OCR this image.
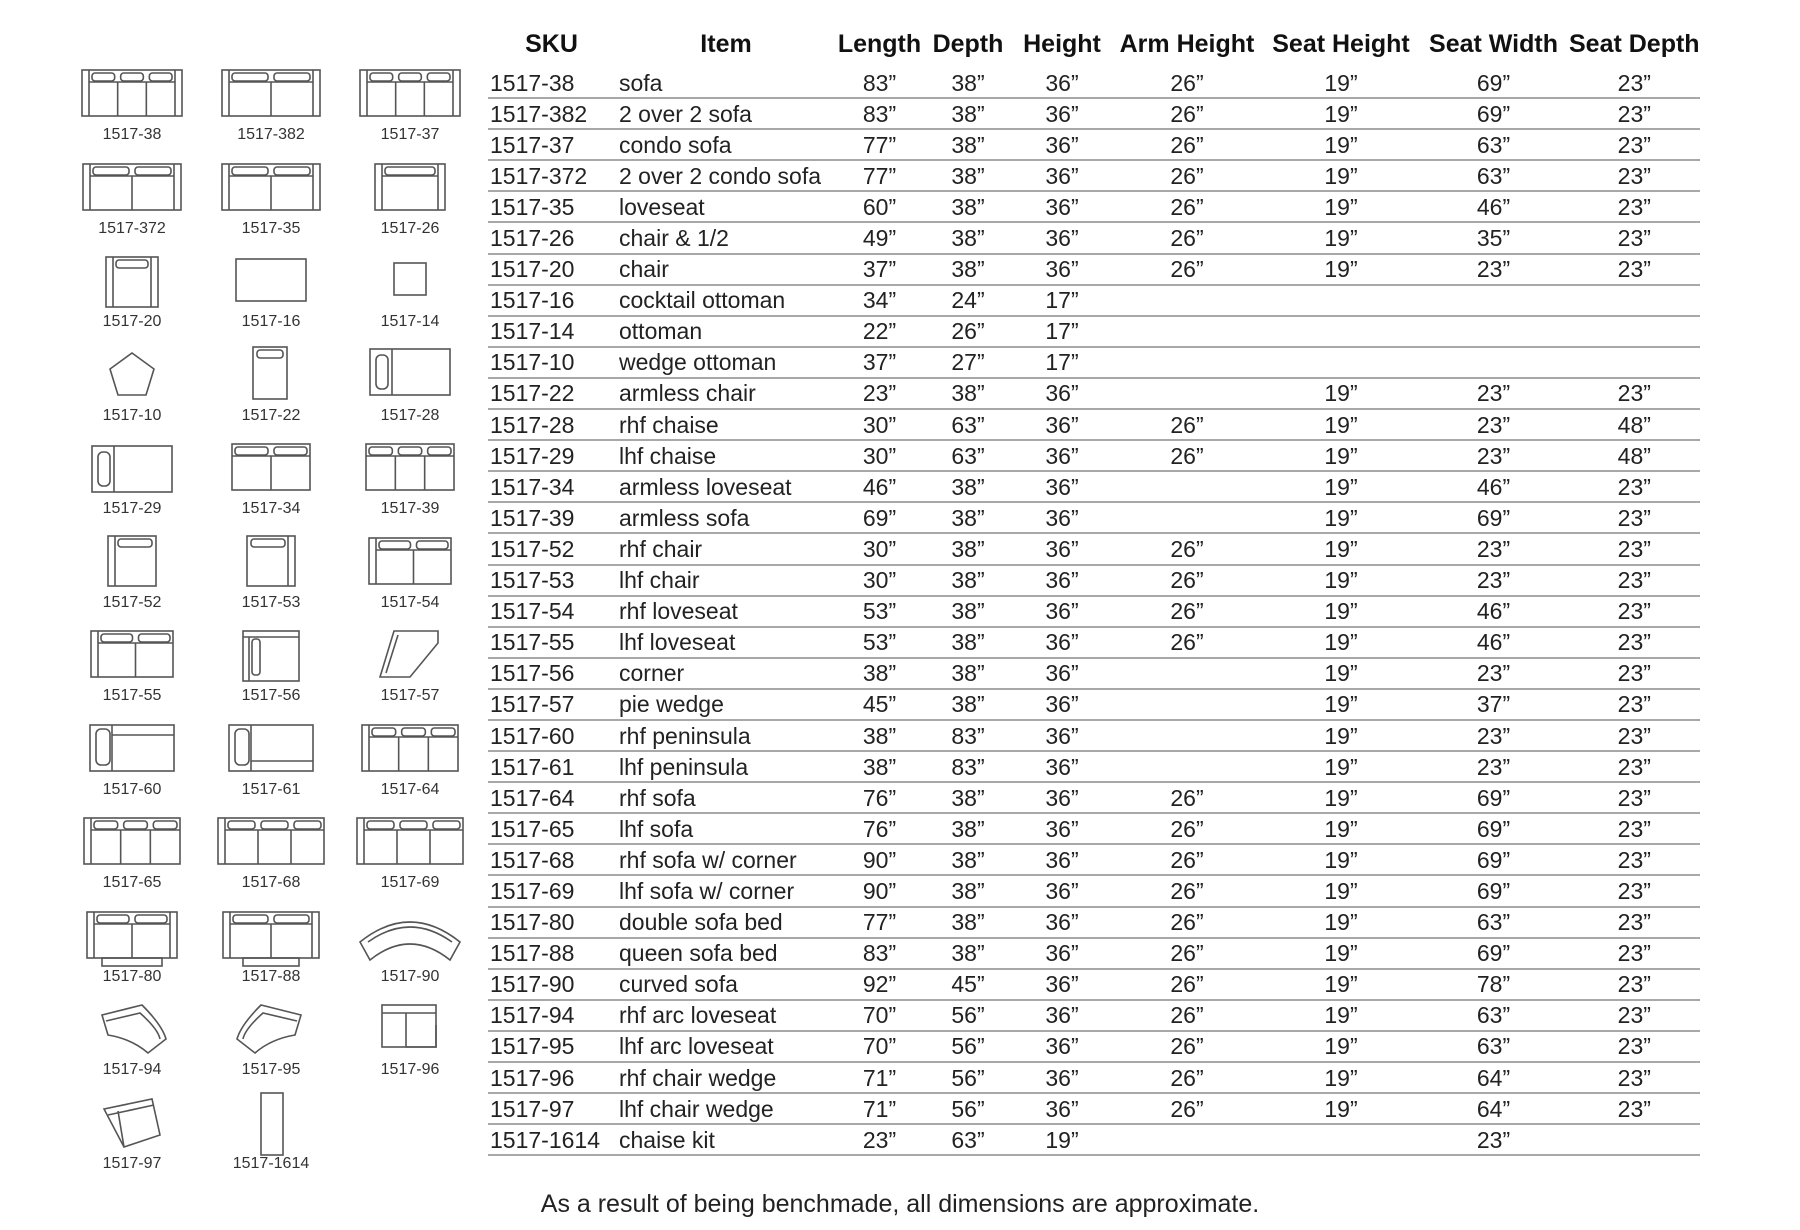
1517-38	1517-382	1517-37
1517-372	1517-35	1517-26
1517-20	1517-16	1517-14
1517-10	1517-22	1517-28
1517-29	1517-34	1517-39
1517-52	1517-53	1517-54
1517-55	1517-56	1517-57
1517-60	1517-61	1517-64
1517-65	1517-68	1517-69
1517-80	1517-88	1517-90
1517-94	1517-95	1517-96
1517-97	1517-1614
SKU	Item	Length	Depth	Height	Arm Height	Seat Height	Seat Width	Seat Depth
1517-38	sofa	83”	38”	36”	26”	19”	69”	23”
1517-382	2 over 2 sofa	83”	38”	36”	26”	19”	69”	23”
1517-37	condo sofa	77”	38”	36”	26”	19”	63”	23”
1517-372	2 over 2 condo sofa	77”	38”	36”	26”	19”	63”	23”
1517-35	loveseat	60”	38”	36”	26”	19”	46”	23”
1517-26	chair & 1/2	49”	38”	36”	26”	19”	35”	23”
1517-20	chair	37”	38”	36”	26”	19”	23”	23”
1517-16	cocktail ottoman	34”	24”	17”				
1517-14	ottoman	22”	26”	17”				
1517-10	wedge ottoman	37”	27”	17”				
1517-22	armless chair	23”	38”	36”		19”	23”	23”
1517-28	rhf chaise	30”	63”	36”	26”	19”	23”	48”
1517-29	lhf chaise	30”	63”	36”	26”	19”	23”	48”
1517-34	armless loveseat	46”	38”	36”		19”	46”	23”
1517-39	armless sofa	69”	38”	36”		19”	69”	23”
1517-52	rhf chair	30”	38”	36”	26”	19”	23”	23”
1517-53	lhf chair	30”	38”	36”	26”	19”	23”	23”
1517-54	rhf loveseat	53”	38”	36”	26”	19”	46”	23”
1517-55	lhf loveseat	53”	38”	36”	26”	19”	46”	23”
1517-56	corner	38”	38”	36”		19”	23”	23”
1517-57	pie wedge	45”	38”	36”		19”	37”	23”
1517-60	rhf peninsula	38”	83”	36”		19”	23”	23”
1517-61	lhf peninsula	38”	83”	36”		19”	23”	23”
1517-64	rhf sofa	76”	38”	36”	26”	19”	69”	23”
1517-65	lhf sofa	76”	38”	36”	26”	19”	69”	23”
1517-68	rhf sofa w/ corner	90”	38”	36”	26”	19”	69”	23”
1517-69	lhf sofa w/ corner	90”	38”	36”	26”	19”	69”	23”
1517-80	double sofa bed	77”	38”	36”	26”	19”	63”	23”
1517-88	queen sofa bed	83”	38”	36”	26”	19”	69”	23”
1517-90	curved sofa	92”	45”	36”	26”	19”	78”	23”
1517-94	rhf arc loveseat	70”	56”	36”	26”	19”	63”	23”
1517-95	lhf arc loveseat	70”	56”	36”	26”	19”	63”	23”
1517-96	rhf chair wedge	71”	56”	36”	26”	19”	64”	23”
1517-97	lhf chair wedge	71”	56”	36”	26”	19”	64”	23”
1517-1614	chaise kit	23”	63”	19”			23”	
As a result of being benchmade, all dimensions are approximate.
